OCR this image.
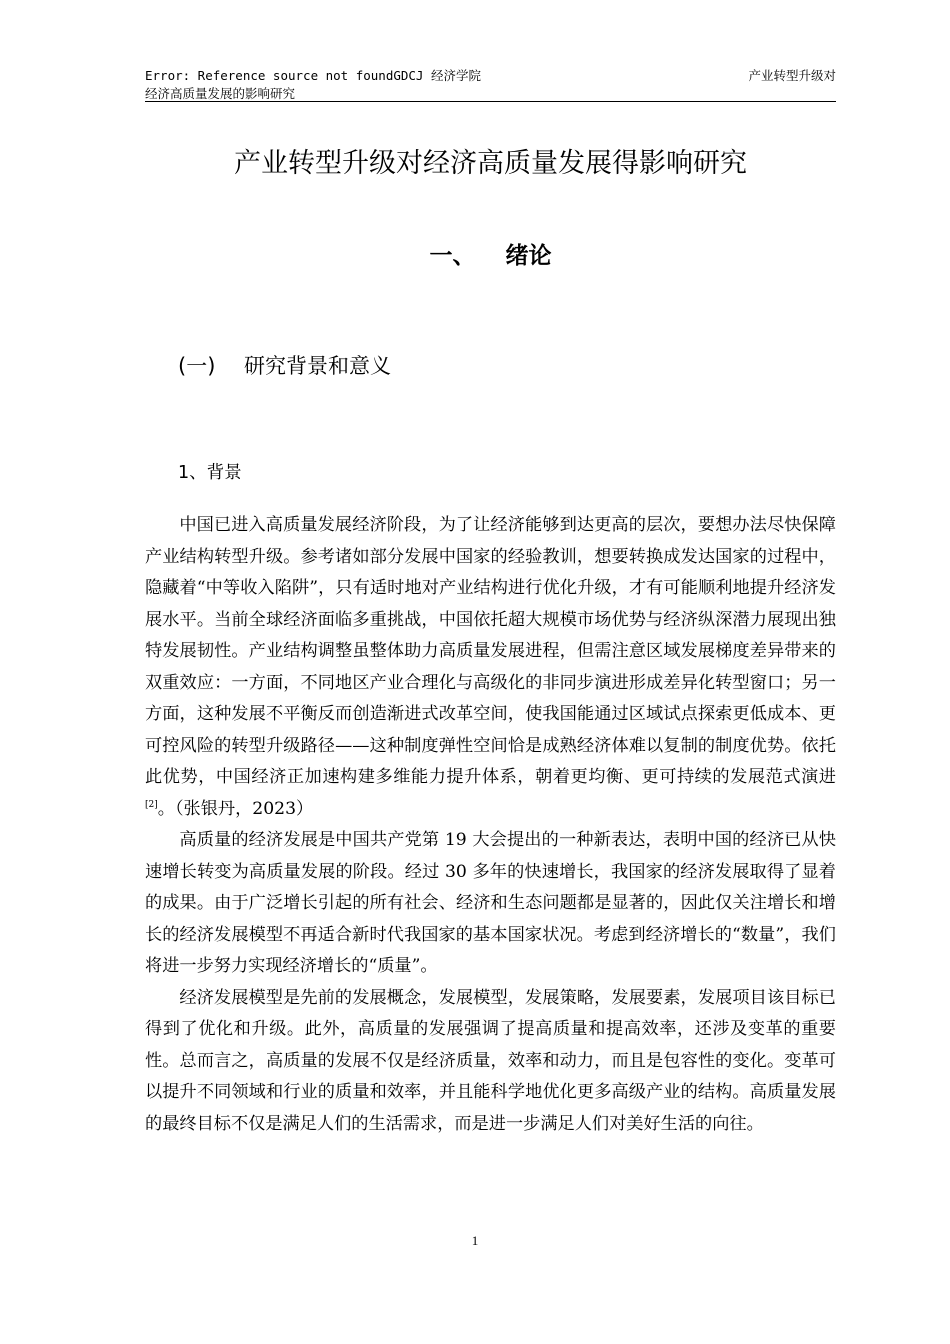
Error: Reference source not foundGDCJ 经济学院
经济高质量发展的影响研究
产业转型升级对
产业转型升级对经济高质量发展得影响研究
一、 绪论
(一) 研究背景和意义
1、背景

中国已进入高质量发展经济阶段，为了让经济能够到达更高的层次，要想办法尽快保障产业结构转型升级。参考诸如部分发展中国家的经验教训，想要转换成发达国家的过程中，隐藏着“中等收入陷阱”，只有适时地对产业结构进行优化升级，才有可能顺利地提升经济发展水平。当前全球经济面临多重挑战，中国依托超大规模市场优势与经济纵深潜力展现出独特发展韧性。产业结构调整虽整体助力高质量发展进程，但需注意区域发展梯度差异带来的双重效应：一方面，不同地区产业合理化与高级化的非同步演进形成差异化转型窗口；另一方面，这种发展不平衡反而创造渐进式改革空间，使我国能通过区域试点探索更低成本、更可控风险的转型升级路径——这种制度弹性空间恰是成熟经济体难以复制的制度优势。依托此优势，中国经济正加速构建多维能力提升体系，朝着更均衡、更可持续的发展范式演进[2]。（张银丹，2023）

高质量的经济发展是中国共产党第 19 大会提出的一种新表达，表明中国的经济已从快速增长转变为高质量发展的阶段。经过 30 多年的快速增长，我国家的经济发展取得了显着的成果。由于广泛增长引起的所有社会、经济和生态问题都是显著的，因此仅关注增长和增长的经济发展模型不再适合新时代我国家的基本国家状况。考虑到经济增长的“数量”，我们将进一步努力实现经济增长的“质量”。

经济发展模型是先前的发展概念，发展模型，发展策略，发展要素，发展项目该目标已得到了优化和升级。此外，高质量的发展强调了提高质量和提高效率，还涉及变革的重要性。总而言之，高质量的发展不仅是经济质量，效率和动力，而且是包容性的变化。变革可以提升不同领域和行业的质量和效率，并且能科学地优化更多高级产业的结构。高质量发展的最终目标不仅是满足人们的生活需求，而是进一步满足人们对美好生活的向往。

1
